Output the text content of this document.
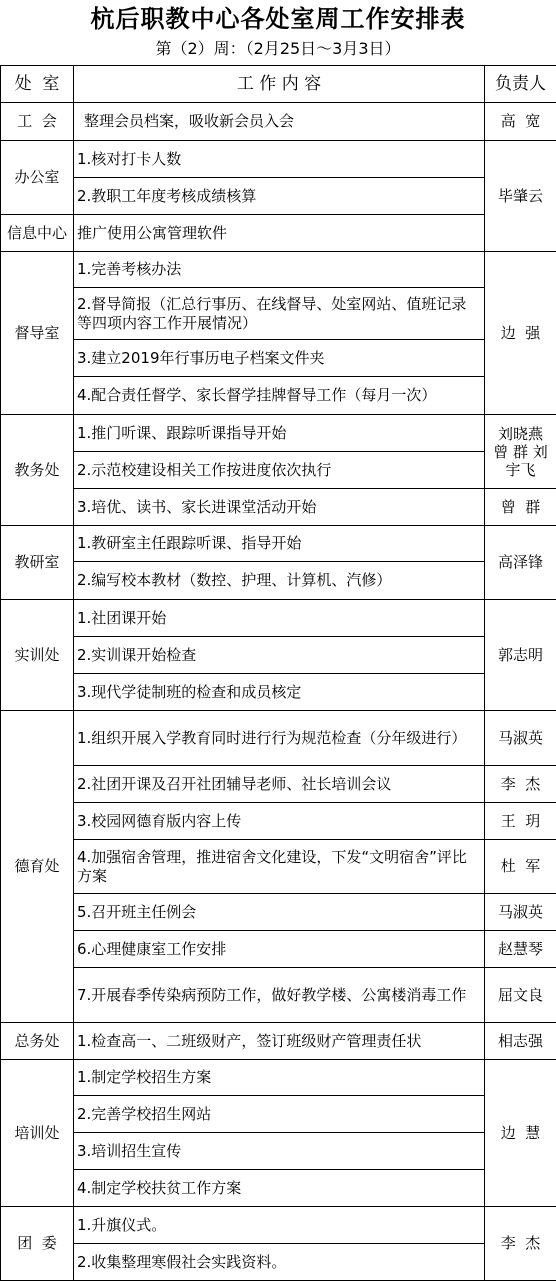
杭后职教中心各处室周工作安排表
第（2）周：（2月25日～3月3日）
处  室	工 作 内 容	负责人
工  会	整理会员档案，吸收新会员入会	高  宽
办公室	1.核对打卡人数	毕肇云
	2.教职工年度考核成绩核算	
信息中心	推广使用公寓管理软件	
督导室	1.完善考核办法	边  强
	2.督导简报（汇总行事历、在线督导、处室网站、值班记录等四项内容工作开展情况）	
	3.建立2019年行事历电子档案文件夹	
	4.配合责任督学、家长督学挂牌督导工作（每月一次）	
教务处	1.推门听课、跟踪听课指导开始	刘晓燕 曾 群 刘宇飞
	2.示范校建设相关工作按进度依次执行	
	3.培优、读书、家长进课堂活动开始	曾  群
教研室	1.教研室主任跟踪听课、指导开始	高泽锋
	2.编写校本教材（数控、护理、计算机、汽修）	
实训处	1.社团课开始	郭志明
	2.实训课开始检查	
	3.现代学徒制班的检查和成员核定	
德育处	1.组织开展入学教育同时进行行为规范检查（分年级进行）	马淑英
	2.社团开课及召开社团辅导老师、社长培训会议	李  杰
	3.校园网德育版内容上传	王  玥
	4.加强宿舍管理，推进宿舍文化建设，下发“文明宿舍”评比方案	杜  军
	5.召开班主任例会	马淑英
	6.心理健康室工作安排	赵慧琴
	7.开展春季传染病预防工作，做好教学楼、公寓楼消毒工作	屈文良
总务处	1.检查高一、二班级财产，签订班级财产管理责任状	相志强
培训处	1.制定学校招生方案	边  慧
	2.完善学校招生网站	
	3.培训招生宣传	
	4.制定学校扶贫工作方案	
团  委	1.升旗仪式。	李  杰
	2.收集整理寒假社会实践资料。	
